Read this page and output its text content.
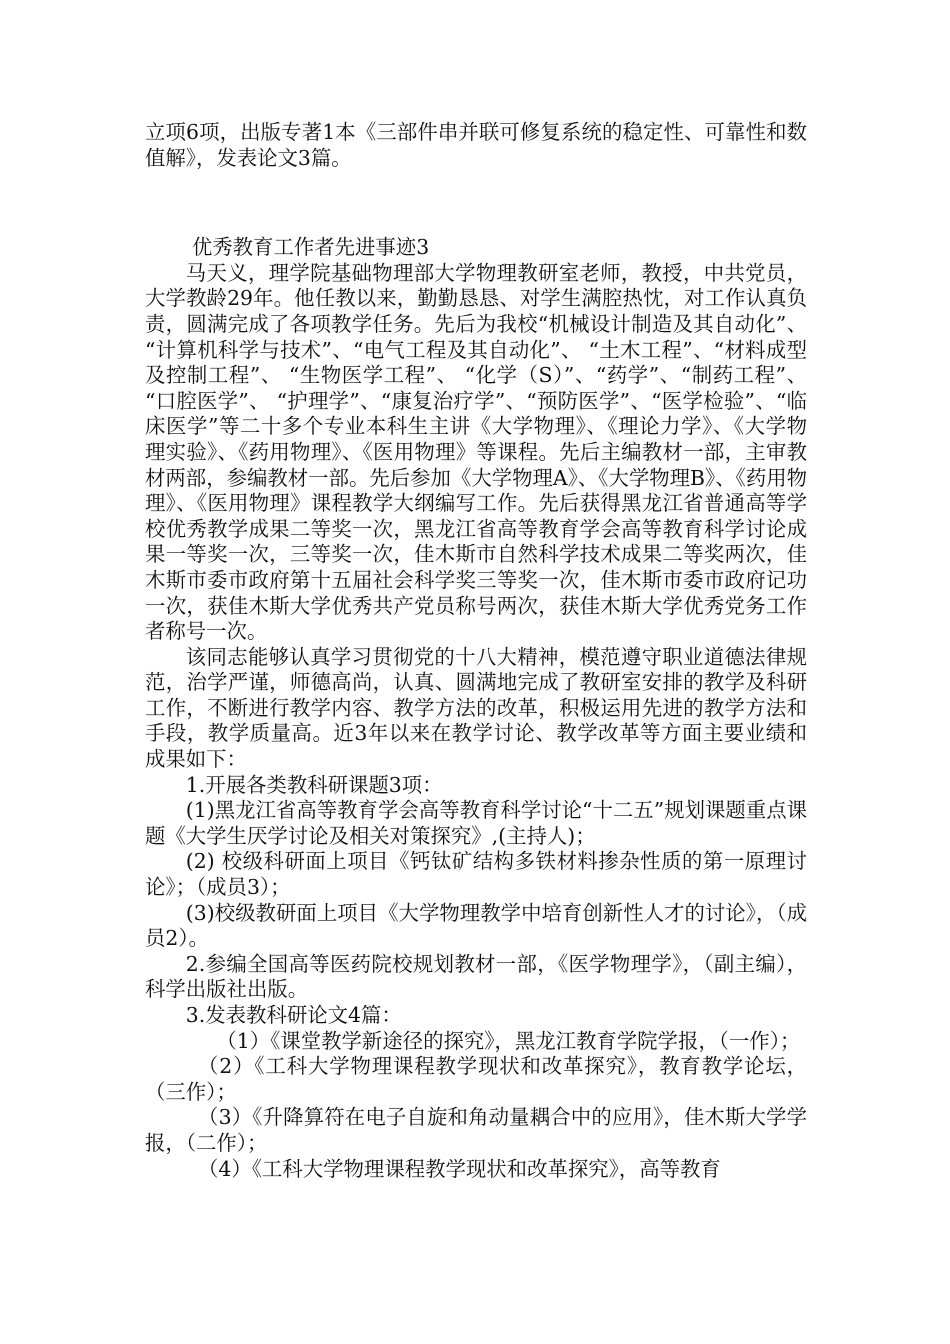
立项6项，出版专著1本《三部件串并联可修复系统的稳定性、可靠性和数值解》，发表论文3篇。

优秀教育工作者先进事迹3

马天义，理学院基础物理部大学物理教研室老师，教授，中共党员，大学教龄29年。他任教以来，勤勤恳恳、对学生满腔热忱，对工作认真负责，圆满完成了各项教学任务。先后为我校“机械设计制造及其自动化”、 “计算机科学与技术”、“电气工程及其自动化”、 “土木工程”、“材料成型及控制工程”、 “生物医学工程”、 “化学（S）”、“药学”、“制药工程”、 “口腔医学”、 “护理学”、“康复治疗学”、“预防医学”、“医学检验”、“临床医学”等二十多个专业本科生主讲《大学物理》、《理论力学》、《大学物理实验》、《药用物理》、《医用物理》等课程。先后主编教材一部，主审教材两部，参编教材一部。先后参加《大学物理A》、《大学物理B》、《药用物理》、《医用物理》课程教学大纲编写工作。先后获得黑龙江省普通高等学校优秀教学成果二等奖一次，黑龙江省高等教育学会高等教育科学讨论成果一等奖一次，三等奖一次，佳木斯市自然科学技术成果二等奖两次，佳木斯市委市政府第十五届社会科学奖三等奖一次，佳木斯市委市政府记功一次，获佳木斯大学优秀共产党员称号两次，获佳木斯大学优秀党务工作者称号一次。

该同志能够认真学习贯彻党的十八大精神，模范遵守职业道德法律规范，治学严谨，师德高尚，认真、圆满地完成了教研室安排的教学及科研工作，不断进行教学内容、教学方法的改革，积极运用先进的教学方法和手段，教学质量高。近3年以来在教学讨论、教学改革等方面主要业绩和成果如下：

1.开展各类教科研课题3项：

(1)黑龙江省高等教育学会高等教育科学讨论“十二五”规划课题重点课题《大学生厌学讨论及相关对策探究》,(主持人)；

(2) 校级科研面上项目《钙钛矿结构多铁材料掺杂性质的第一原理讨论》；（成员3）；

(3)校级教研面上项目《大学物理教学中培育创新性人才的讨论》，（成员2）。

2.参编全国高等医药院校规划教材一部，《医学物理学》，（副主编），科学出版社出版。

3.发表教科研论文4篇：

（1）《课堂教学新途径的探究》，黑龙江教育学院学报，（一作）；

（2）《工科大学物理课程教学现状和改革探究》，教育教学论坛，（三作）；

（3）《升降算符在电子自旋和角动量耦合中的应用》，佳木斯大学学报，（二作）；

（4）《工科大学物理课程教学现状和改革探究》，高等教育
